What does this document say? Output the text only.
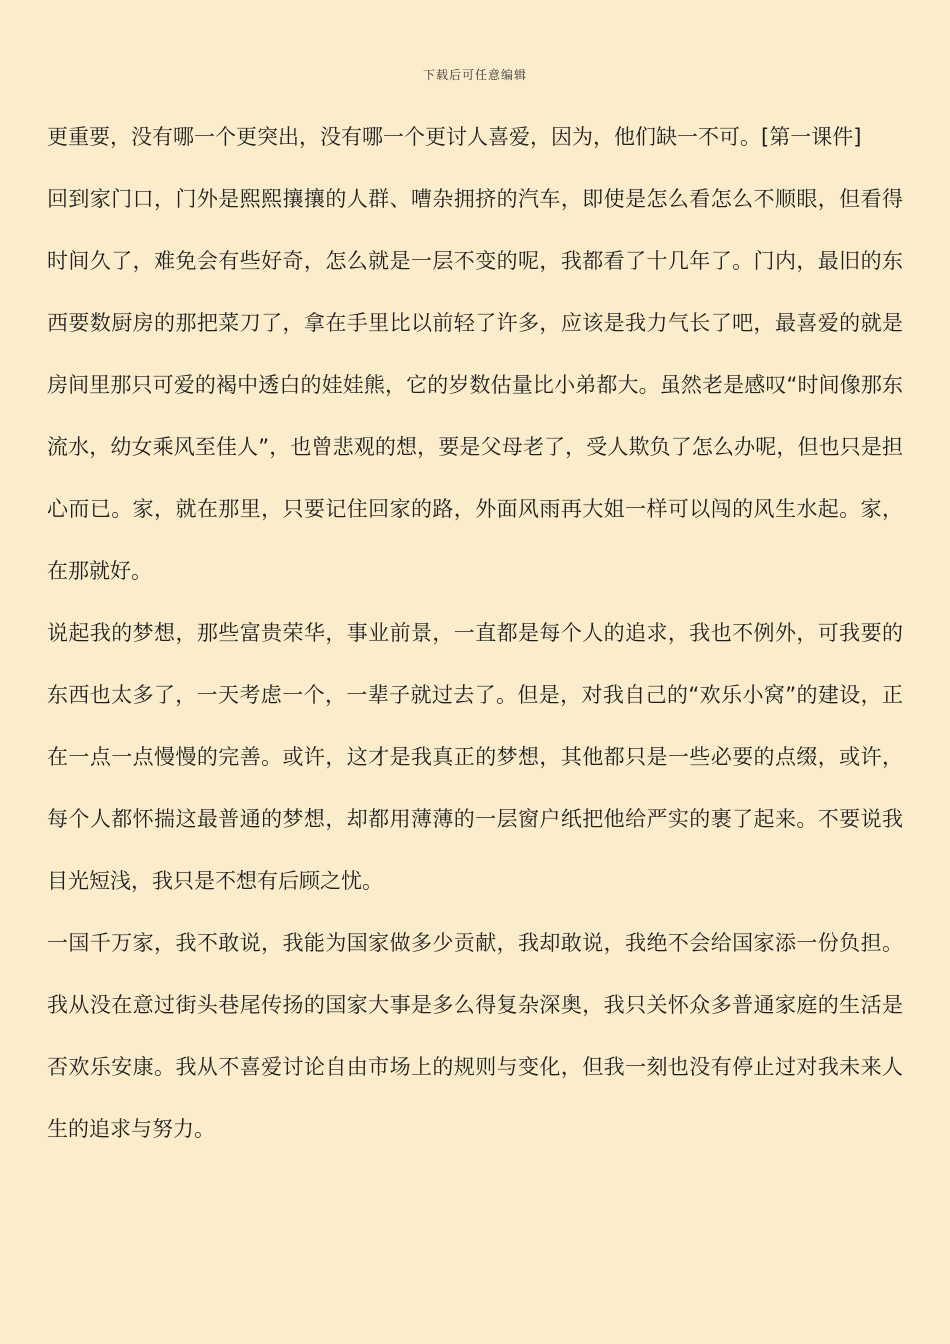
下载后可任意编辑

更重要，没有哪一个更突出，没有哪一个更讨人喜爱，因为，他们缺一不可。[第一课件]

回到家门口，门外是熙熙攘攘的人群、嘈杂拥挤的汽车，即使是怎么看怎么不顺眼，但看得时间久了，难免会有些好奇，怎么就是一层不变的呢，我都看了十几年了。门内，最旧的东西要数厨房的那把菜刀了，拿在手里比以前轻了许多，应该是我力气长了吧，最喜爱的就是房间里那只可爱的褐中透白的娃娃熊，它的岁数估量比小弟都大。虽然老是感叹“时间像那东流水，幼女乘风至佳人”，也曾悲观的想，要是父母老了，受人欺负了怎么办呢，但也只是担心而已。家，就在那里，只要记住回家的路，外面风雨再大姐一样可以闯的风生水起。家，在那就好。

说起我的梦想，那些富贵荣华，事业前景，一直都是每个人的追求，我也不例外，可我要的东西也太多了，一天考虑一个，一辈子就过去了。但是，对我自己的“欢乐小窝”的建设，正在一点一点慢慢的完善。或许，这才是我真正的梦想，其他都只是一些必要的点缀，或许，每个人都怀揣这最普通的梦想，却都用薄薄的一层窗户纸把他给严实的裹了起来。不要说我目光短浅，我只是不想有后顾之忧。

一国千万家，我不敢说，我能为国家做多少贡献，我却敢说，我绝不会给国家添一份负担。我从没在意过街头巷尾传扬的国家大事是多么得复杂深奥，我只关怀众多普通家庭的生活是否欢乐安康。我从不喜爱讨论自由市场上的规则与变化，但我一刻也没有停止过对我未来人生的追求与努力。
